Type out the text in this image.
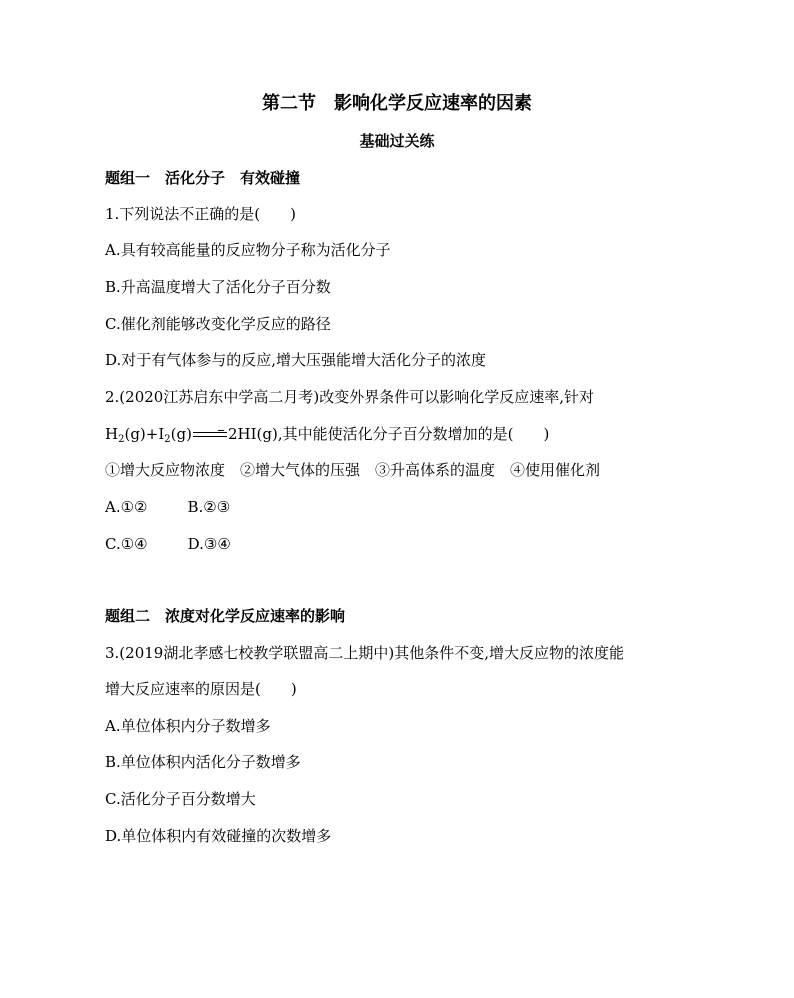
第二节　影响化学反应速率的因素
基础过关练
题组一　活化分子　有效碰撞
1.下列说法不正确的是(　　)
A.具有较高能量的反应物分子称为活化分子
B.升高温度增大了活化分子百分数
C.催化剂能够改变化学反应的路径
D.对于有气体参与的反应,增大压强能增大活化分子的浓度
2.(2020江苏启东中学高二月考)改变外界条件可以影响化学反应速率,针对
$H_2(g)+I_2(g)\to 2HI(g)$,其中能使活化分子百分数增加的是(　　)
①增大反应物浓度　②增大气体的压强　③升高体系的温度　④使用催化剂
A.①②	B.②③
C.①④	D.③④
题组二　浓度对化学反应速率的影响
3.(2019湖北孝感七校教学联盟高二上期中)其他条件不变,增大反应物的浓度能
增大反应速率的原因是(　　)
A.单位体积内分子数增多
B.单位体积内活化分子数增多
C.活化分子百分数增大
D.单位体积内有效碰撞的次数增多
